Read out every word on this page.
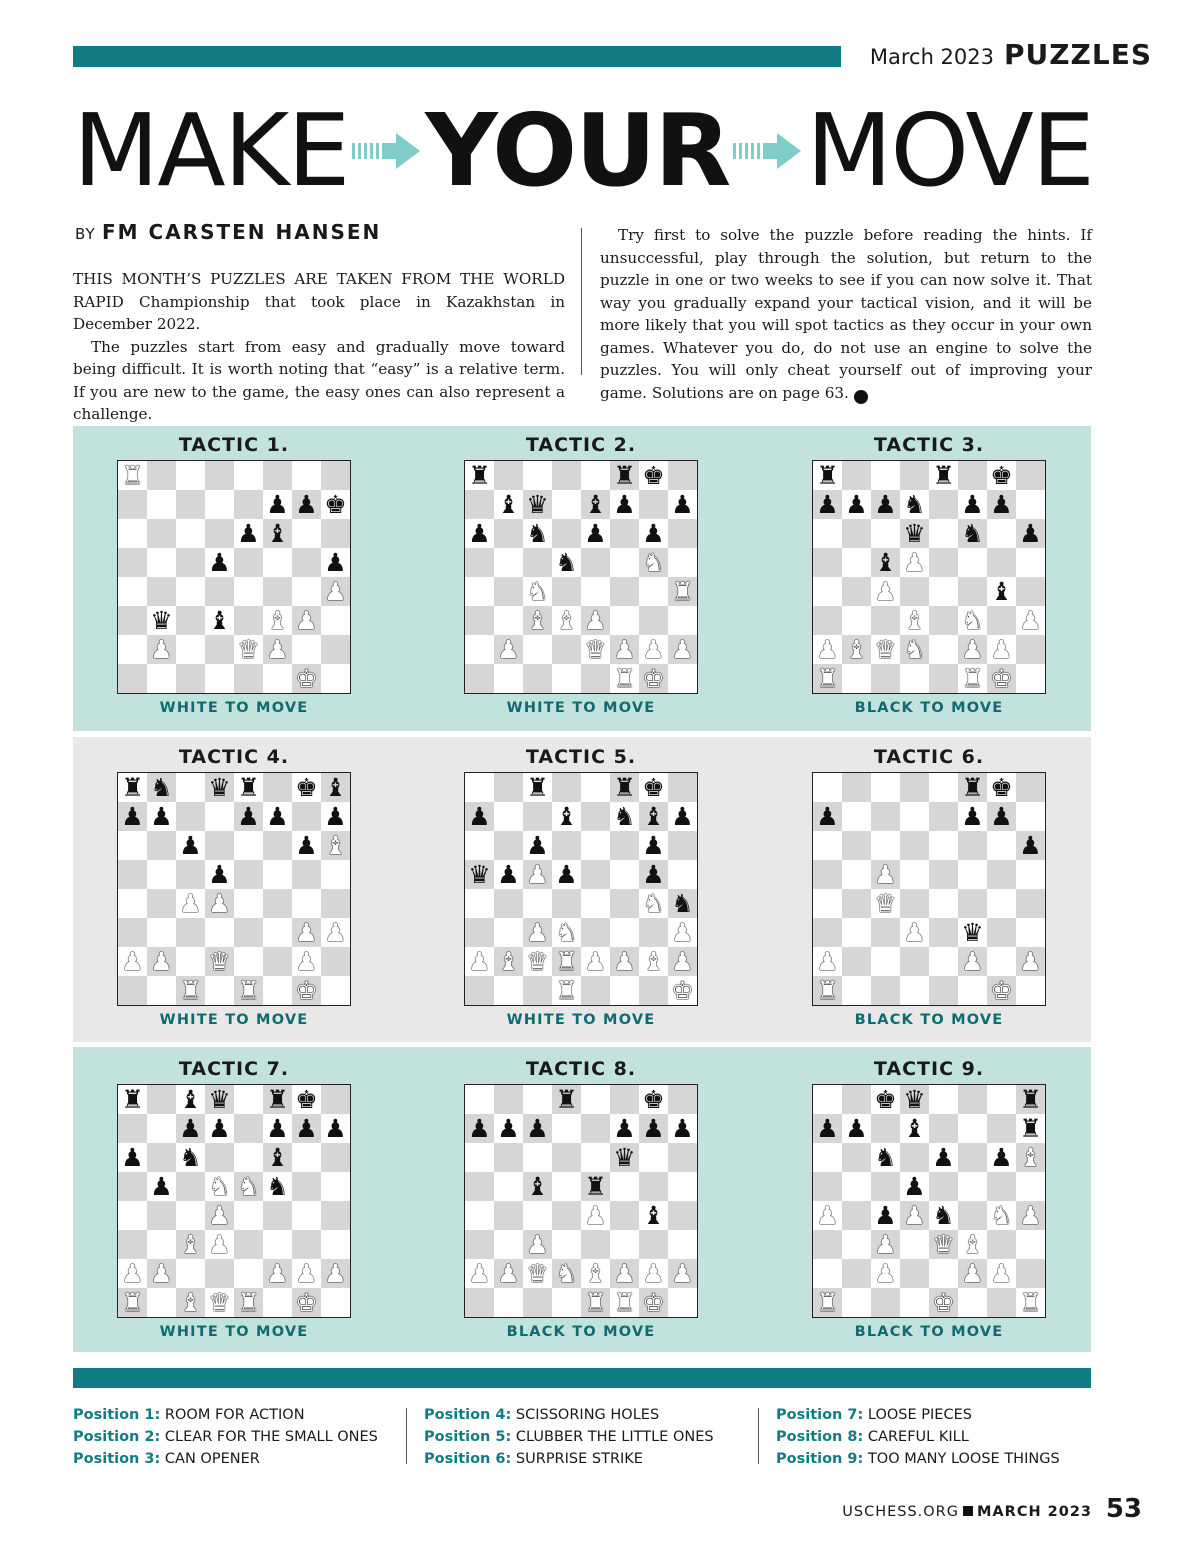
March 2023 PUZZLES
MAKE YOUR MOVE
BY FM CARSTEN HANSEN

THIS MONTH’S PUZZLES ARE TAKEN FROM THE WORLD RAPID Championship that took place in Kazakhstan in December 2022.

The puzzles start from easy and gradually move toward being difficult. It is worth noting that “easy” is a relative term. If you are new to the game, the easy ones can also represent a challenge.

Try first to solve the puzzle before reading the hints. If unsuccessful, play through the solution, but return to the puzzle in one or two weeks to see if you can now solve it. That way you gradually expand your tactical vision, and it will be more likely that you will spot tactics as they occur in your own games. Whatever you do, do not use an engine to solve the puzzles. You will only cheat yourself out of improving your game. Solutions are on page 63. ♞

TACTIC 1.
♜
♟ ♟ ♚
♟ ♝
♟	♟
♟
♛ ♝ ♝ ♟
♟	♛ ♟
♚
WHITE TO MOVE
TACTIC 2.
♜	♜ ♚
♝ ♛ ♝ ♟ ♟
♟ ♞ ♟ ♟
♞	♞
♞	♜
♝ ♝ ♟
♟	♛ ♟ ♟ ♟
♜ ♚
WHITE TO MOVE
TACTIC 3.
♜	♜ ♚
♟ ♟ ♟ ♞ ♟ ♟
♛ ♞ ♟
♝ ♟
♟	♝
♝ ♞ ♟
♟ ♝ ♛ ♞ ♟ ♟
♜	♜ ♚
BLACK TO MOVE
TACTIC 4.
♜ ♞ ♛ ♜ ♚ ♝
♟ ♟	♟ ♟ ♟
♟	♟ ♝
♟
♟ ♟
♟ ♟
♟ ♟ ♛	♟
♜ ♜ ♚
WHITE TO MOVE
TACTIC 5.
♜	♜ ♚
♟	♝ ♞ ♝ ♟
♟	♟
♛ ♟ ♟ ♟	♟
♞ ♞
♟ ♞	♟
♟ ♝ ♛ ♜ ♟ ♟ ♝ ♟
♜	♚
WHITE TO MOVE
TACTIC 6.
♜ ♚
♟	♟ ♟
♟
♟
♛
♟ ♛
♟	♟ ♟
♜	♚
BLACK TO MOVE
TACTIC 7.
♜ ♝ ♛ ♜ ♚
♟ ♟ ♟ ♟ ♟
♟ ♞	♝
♟ ♞ ♞ ♞
♟
♝ ♟
♟ ♟	♟ ♟ ♟
♜ ♝ ♛ ♜ ♚
WHITE TO MOVE
TACTIC 8.
♜	♚
♟ ♟ ♟	♟ ♟ ♟
♛
♝ ♜
♟ ♝
♟
♟ ♟ ♛ ♞ ♝ ♟ ♟ ♟
♜ ♜ ♚
BLACK TO MOVE
TACTIC 9.
♚ ♛	♜
♟ ♟ ♝	♜
♞ ♟ ♟ ♝
♟
♟ ♟ ♟ ♞ ♞ ♟
♟ ♛ ♝
♟	♟ ♟
♜	♚	♜
BLACK TO MOVE
Position 1: ROOM FOR ACTION
Position 2: CLEAR FOR THE SMALL ONES
Position 3: CAN OPENER
Position 4: SCISSORING HOLES
Position 5: CLUBBER THE LITTLE ONES
Position 6: SURPRISE STRIKE
Position 7: LOOSE PIECES
Position 8: CAREFUL KILL
Position 9: TOO MANY LOOSE THINGS
USCHESS.ORG MARCH 2023 53
